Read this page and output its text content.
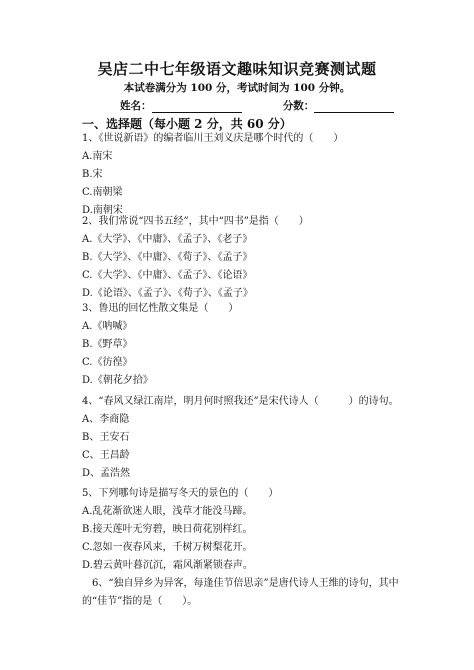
吴店二中七年级语文趣味知识竞赛测试题
本试卷满分为 100 分，考试时间为 100 分钟。
姓名：	分数：
一、选择题（每小题 2 分，共 60 分）
1、《世说新语》的编者临川王刘义庆是哪个时代的（　　）
A.南宋
B.宋
C.南朝梁
D.南朝宋
2、我们常说“四书五经”，其中“四书”是指（　　）
A.《大学》、《中庸》、《孟子》、《老子》
B.《大学》、《中庸》、《荀子》、《孟子》
C.《大学》、《中庸》、《孟子》、《论语》
D.《论语》、《孟子》、《荀子》、《孟子》
3、鲁迅的回忆性散文集是（　　）
A.《呐喊》
B.《野草》
C.《彷徨》
D.《朝花夕拾》
4、“春风又绿江南岸，明月何时照我还”是宋代诗人（　　　）的诗句。
A、李商隐
B、王安石
C、王昌龄
D、孟浩然
5、下列哪句诗是描写冬天的景色的（　　）
A.乱花渐欲迷人眼，浅草才能没马蹄。
B.接天莲叶无穷碧，映日荷花别样红。
C.忽如一夜春风来，千树万树梨花开。
D.碧云黄叶暮沉沉，霜风渐紧锁春声。
6、“独自异乡为异客，每逢佳节倍思亲”是唐代诗人王维的诗句，其中的“佳节”指的是（　　）。
